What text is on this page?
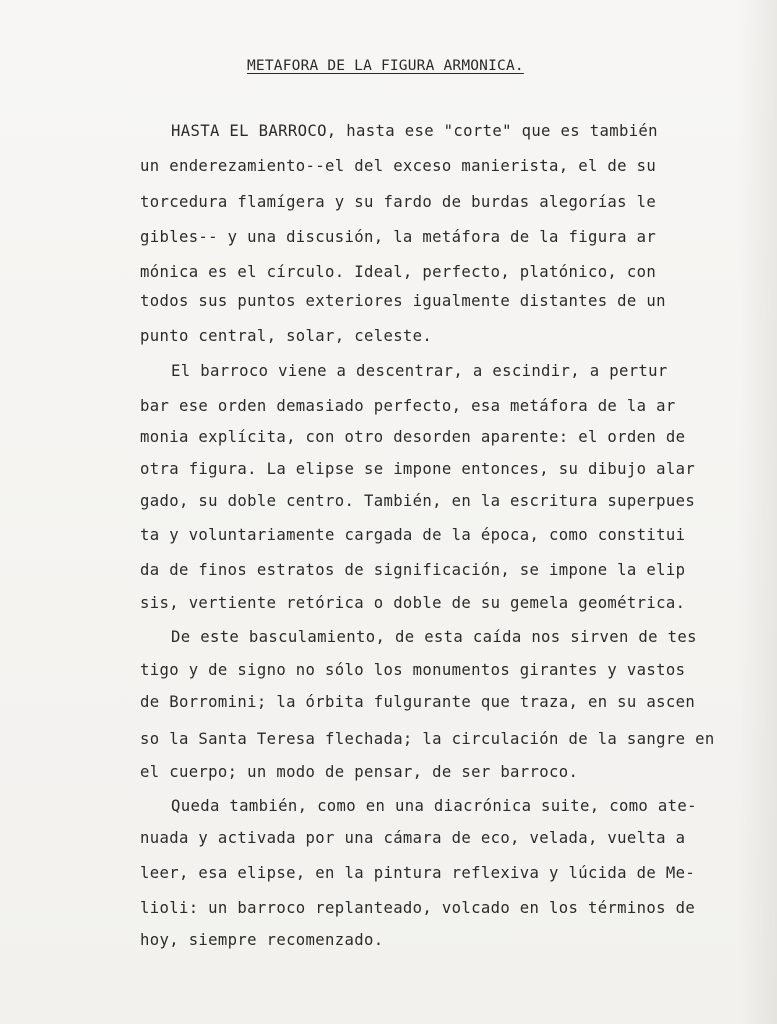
METAFORA DE LA FIGURA ARMONICA.
HASTA EL BARROCO, hasta ese "corte" que es también
un enderezamiento--el del exceso manierista, el de su
torcedura flamígera y su fardo de burdas alegorías le
gibles-- y una discusión, la metáfora de la figura ar
mónica es el círculo. Ideal, perfecto, platónico, con
todos sus puntos exteriores igualmente distantes de un
punto central, solar, celeste.
El barroco viene a descentrar, a escindir, a pertur
bar ese orden demasiado perfecto, esa metáfora de la ar
monia explícita, con otro desorden aparente: el orden de
otra figura. La elipse se impone entonces, su dibujo alar
gado, su doble centro. También, en la escritura superpues
ta y voluntariamente cargada de la época, como constitui
da de finos estratos de significación, se impone la elip
sis, vertiente retórica o doble de su gemela geométrica.
De este basculamiento, de esta caída nos sirven de tes
tigo y de signo no sólo los monumentos girantes y vastos
de Borromini; la órbita fulgurante que traza, en su ascen
so la Santa Teresa flechada; la circulación de la sangre en
el cuerpo; un modo de pensar, de ser barroco.
Queda también, como en una diacrónica suite, como ate-
nuada y activada por una cámara de eco, velada, vuelta a
leer, esa elipse, en la pintura reflexiva y lúcida de Me-
lioli: un barroco replanteado, volcado en los términos de
hoy, siempre recomenzado.
